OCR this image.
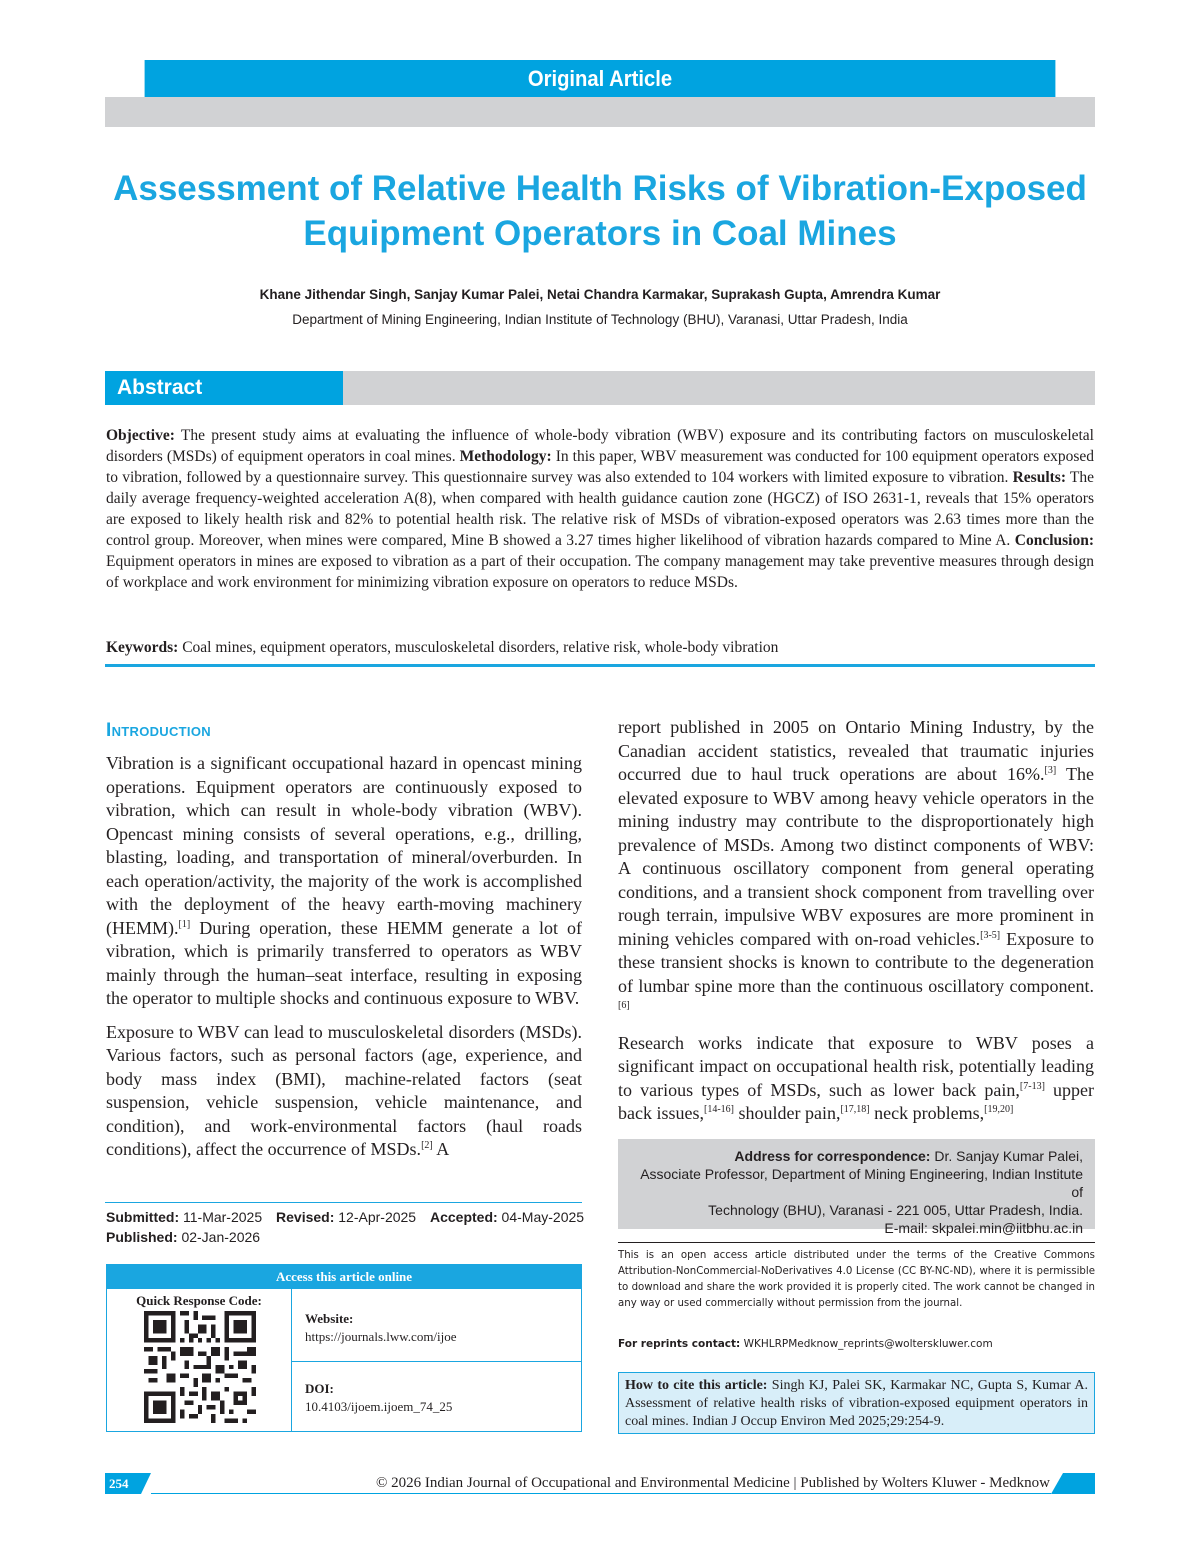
Original Article
Assessment of Relative Health Risks of Vibration-Exposed
Equipment Operators in Coal Mines
Khane Jithendar Singh, Sanjay Kumar Palei, Netai Chandra Karmakar, Suprakash Gupta, Amrendra Kumar
Department of Mining Engineering, Indian Institute of Technology (BHU), Varanasi, Uttar Pradesh, India
Abstract
Objective: The present study aims at evaluating the influence of whole-body vibration (WBV) exposure and its contributing factors on musculoskeletal disorders (MSDs) of equipment operators in coal mines. Methodology: In this paper, WBV measurement was conducted for 100 equipment operators exposed to vibration, followed by a questionnaire survey. This questionnaire survey was also extended to 104 workers with limited exposure to vibration. Results: The daily average frequency-weighted acceleration A(8), when compared with health guidance caution zone (HGCZ) of ISO 2631-1, reveals that 15% operators are exposed to likely health risk and 82% to potential health risk. The relative risk of MSDs of vibration-exposed operators was 2.63 times more than the control group. Moreover, when mines were compared, Mine B showed a 3.27 times higher likelihood of vibration hazards compared to Mine A. Conclusion: Equipment operators in mines are exposed to vibration as a part of their occupation. The company management may take preventive measures through design of workplace and work environment for minimizing vibration exposure on operators to reduce MSDs.
Keywords: Coal mines, equipment operators, musculoskeletal disorders, relative risk, whole-body vibration
Introduction

Vibration is a significant occupational hazard in opencast mining operations. Equipment operators are continuously exposed to vibration, which can result in whole-body vibration (WBV). Opencast mining consists of several operations, e.g., drilling, blasting, loading, and transportation of mineral/overburden. In each operation/activity, the majority of the work is accomplished with the deployment of the heavy earth-moving machinery (HEMM).[1] During operation, these HEMM generate a lot of vibration, which is primarily transferred to operators as WBV mainly through the human–seat interface, resulting in exposing the operator to multiple shocks and continuous exposure to WBV.

Exposure to WBV can lead to musculoskeletal disorders (MSDs). Various factors, such as personal factors (age, experience, and body mass index (BMI), machine-related factors (seat suspension, vehicle suspension, vehicle maintenance, and condition), and work-environmental factors (haul roads conditions), affect the occurrence of MSDs.[2] A

report published in 2005 on Ontario Mining Industry, by the Canadian accident statistics, revealed that traumatic injuries occurred due to haul truck operations are about 16%.[3] The elevated exposure to WBV among heavy vehicle operators in the mining industry may contribute to the disproportionately high prevalence of MSDs. Among two distinct components of WBV: A continuous oscillatory component from general operating conditions, and a transient shock component from travelling over rough terrain, impulsive WBV exposures are more prominent in mining vehicles compared with on-road vehicles.[3-5] Exposure to these transient shocks is known to contribute to the degeneration of lumbar spine more than the continuous oscillatory component.[6]

Research works indicate that exposure to WBV poses a significant impact on occupational health risk, potentially leading to various types of MSDs, such as lower back pain,[7-13] upper back issues,[14-16] shoulder pain,[17,18] neck problems,[19,20]

Submitted: 11-Mar-2025 Revised: 12-Apr-2025 Accepted: 04-May-2025
Published: 02-Jan-2026
Access this article online
Quick Response Code:
Website:
https://journals.lww.com/ijoe
DOI:
10.4103/ijoem.ijoem_74_25
Address for correspondence: Dr. Sanjay Kumar Palei,
Associate Professor, Department of Mining Engineering, Indian Institute of
Technology (BHU), Varanasi - 221 005, Uttar Pradesh, India.
E-mail: skpalei.min@iitbhu.ac.in
This is an open access article distributed under the terms of the Creative Commons Attribution-NonCommercial-NoDerivatives 4.0 License (CC BY-NC-ND), where it is permissible to download and share the work provided it is properly cited. The work cannot be changed in any way or used commercially without permission from the journal.
For reprints contact: WKHLRPMedknow_reprints@wolterskluwer.com
How to cite this article: Singh KJ, Palei SK, Karmakar NC, Gupta S, Kumar A. Assessment of relative health risks of vibration-exposed equipment operators in coal mines. Indian J Occup Environ Med 2025;29:254-9.
254	© 2026 Indian Journal of Occupational and Environmental Medicine | Published by Wolters Kluwer - Medknow
